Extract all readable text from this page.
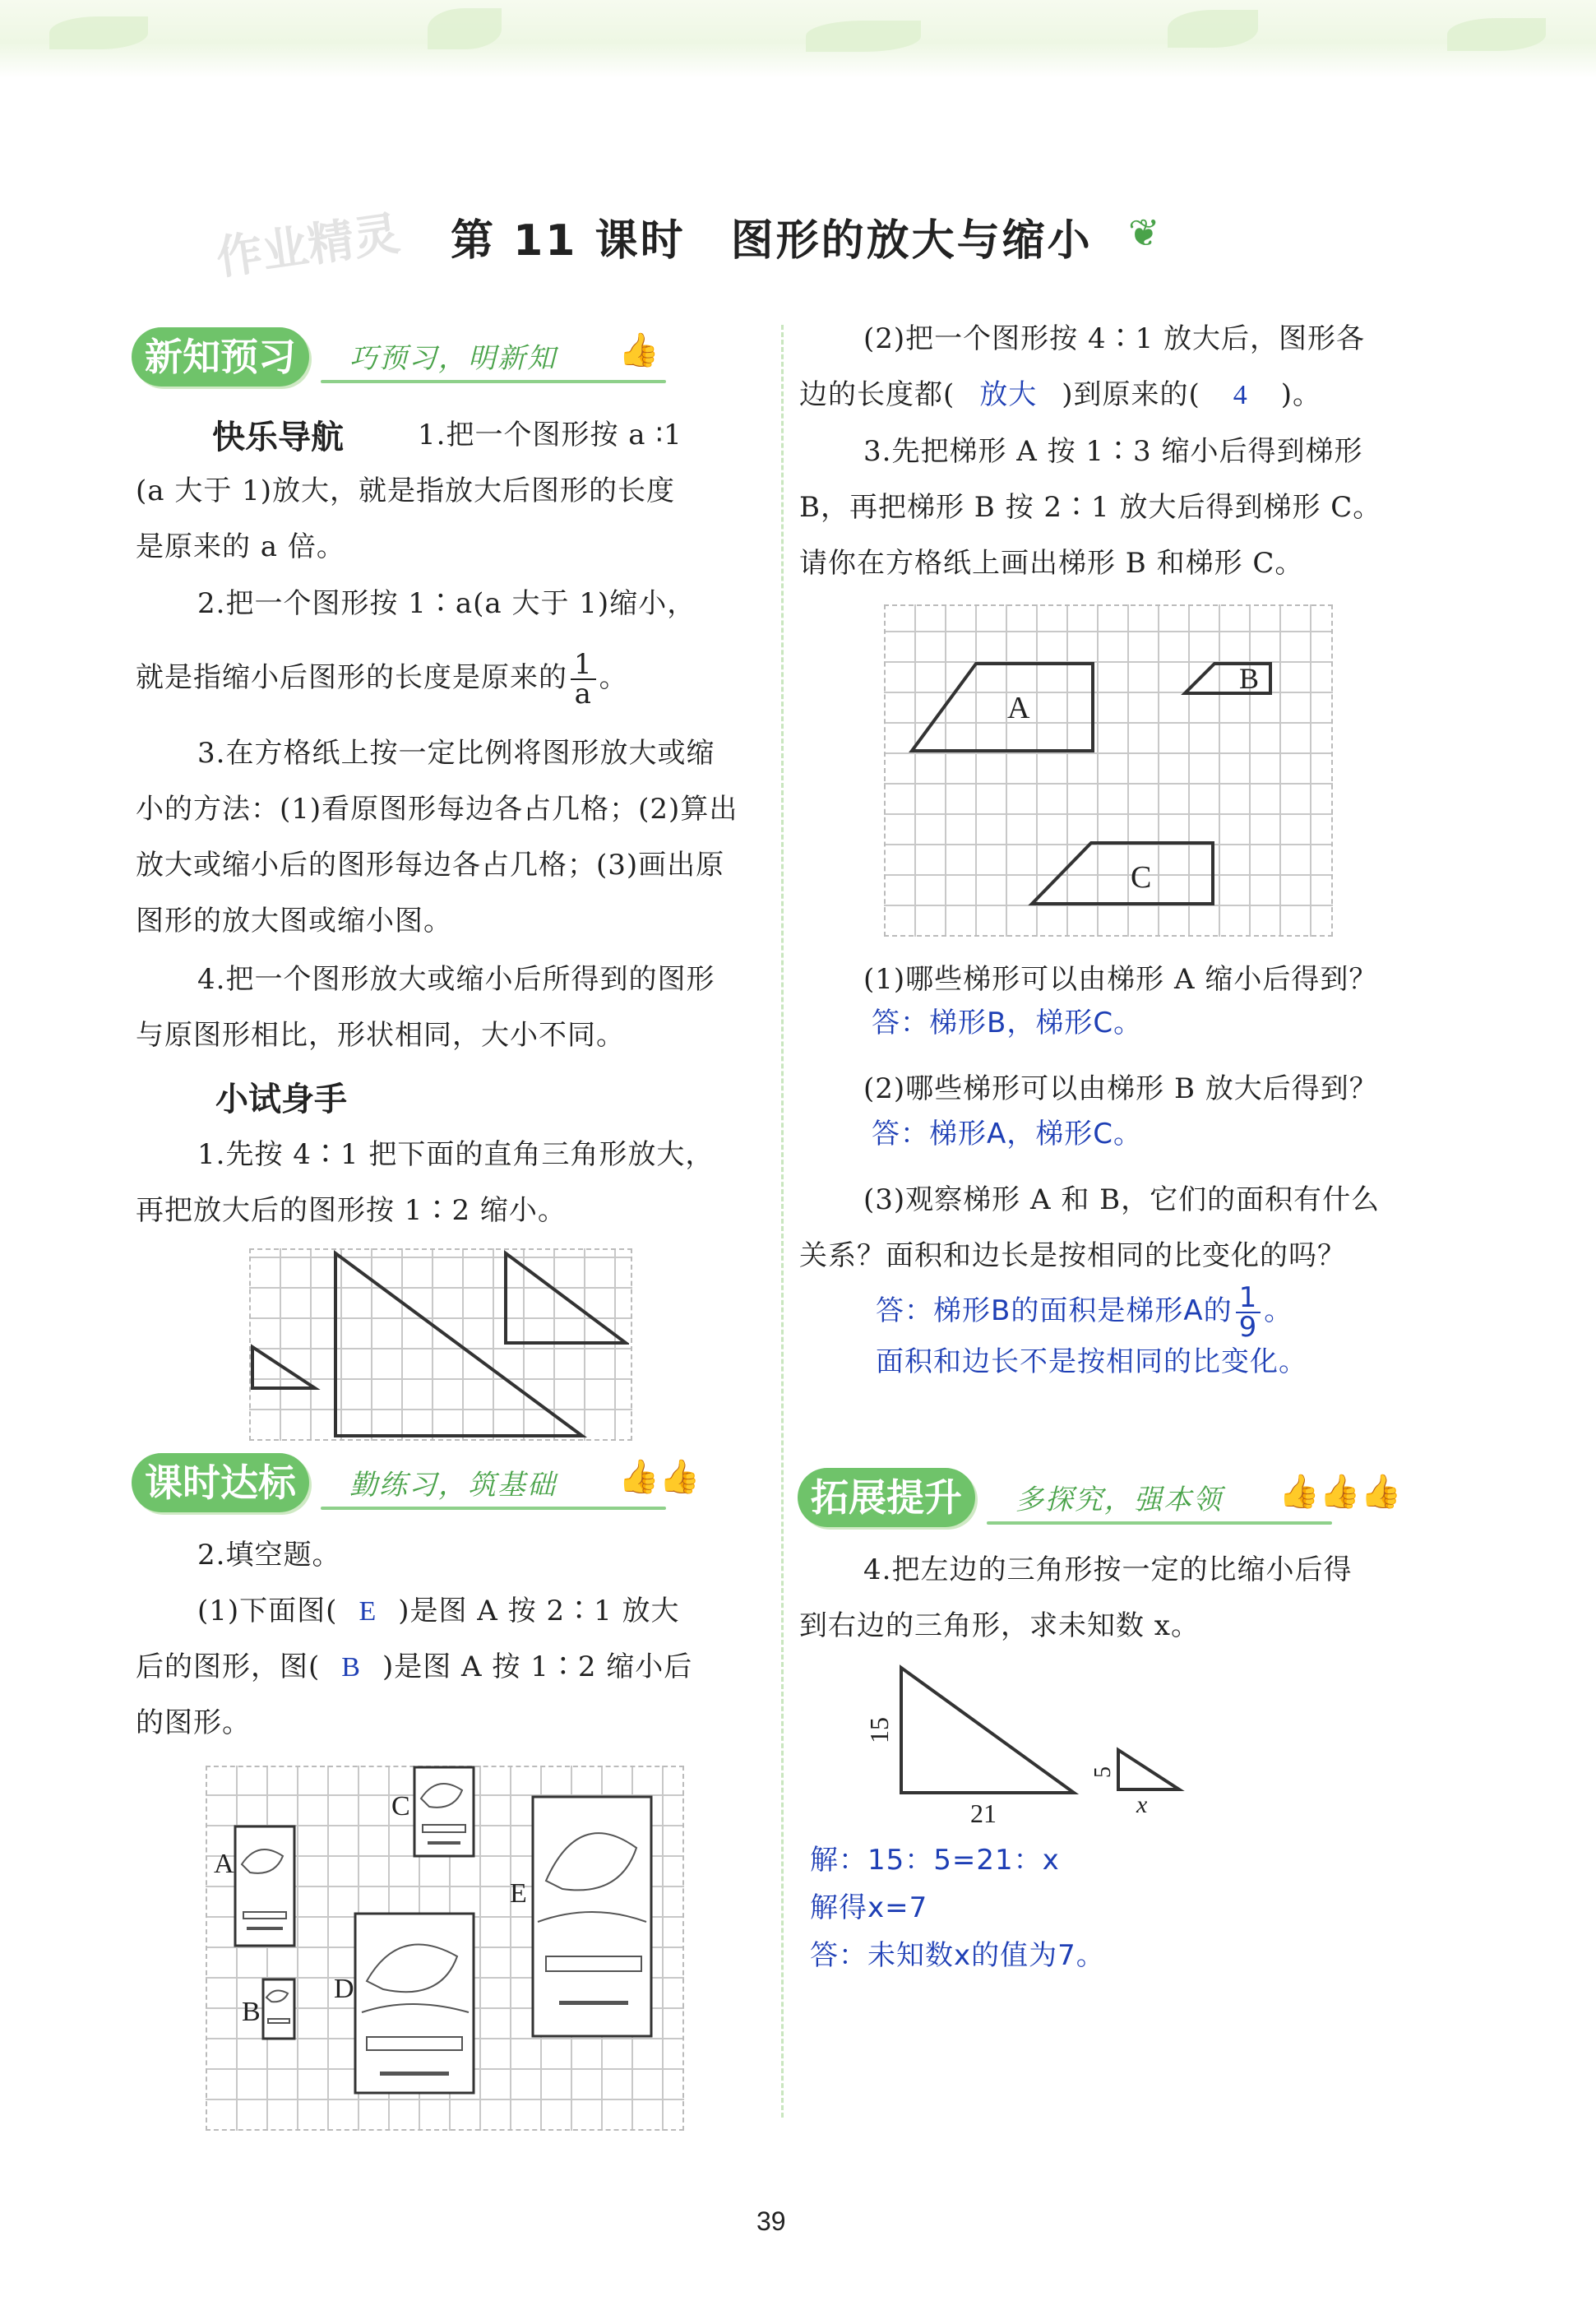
作业精灵 第 11 课时　图形的放大与缩小 ❦
新知预习	巧预习，明新知 👍
快乐导航	1.把一个图形按 a ∶1
(a 大于 1)放大，就是指放大后图形的长度
是原来的 a 倍。
2.把一个图形按 1∶a(a 大于 1)缩小，
就是指缩小后图形的长度是原来的 $\frac{1}{a}$ 。
3.在方格纸上按一定比例将图形放大或缩
小的方法：(1)看原图形每边各占几格；(2)算出
放大或缩小后的图形每边各占几格；(3)画出原
图形的放大图或缩小图。
4.把一个图形放大或缩小后所得到的图形
与原图形相比，形状相同，大小不同。
小试身手
1.先按 4∶1 把下面的直角三角形放大，
再把放大后的图形按 1∶2 缩小。
课时达标	勤练习，筑基础 👍👍
2.填空题。
(1)下面图( E )是图 A 按 2∶1 放大
后的图形，图( B )是图 A 按 1∶2 缩小后
的图形。
A
B
C
D
E
(2)把一个图形按 4∶1 放大后，图形各
边的长度都( 放大 )到原来的( 4 )。
3.先把梯形 A 按 1∶3 缩小后得到梯形
B，再把梯形 B 按 2∶1 放大后得到梯形 C。
请你在方格纸上画出梯形 B 和梯形 C。
A
B
C
(1)哪些梯形可以由梯形 A 缩小后得到？
答：梯形B，梯形C。
(2)哪些梯形可以由梯形 B 放大后得到？
答：梯形A，梯形C。
(3)观察梯形 A 和 B，它们的面积有什么
关系？面积和边长是按相同的比变化的吗？
答：梯形B的面积是梯形A的 $\frac{1}{9}$ 。
面积和边长不是按相同的比变化。
拓展提升	多探究，强本领 👍👍👍
4.把左边的三角形按一定的比缩小后得
到右边的三角形，求未知数 x。
15
21
5
x
解：15：5=21：x
解得x=7
答：未知数x的值为7。
39
